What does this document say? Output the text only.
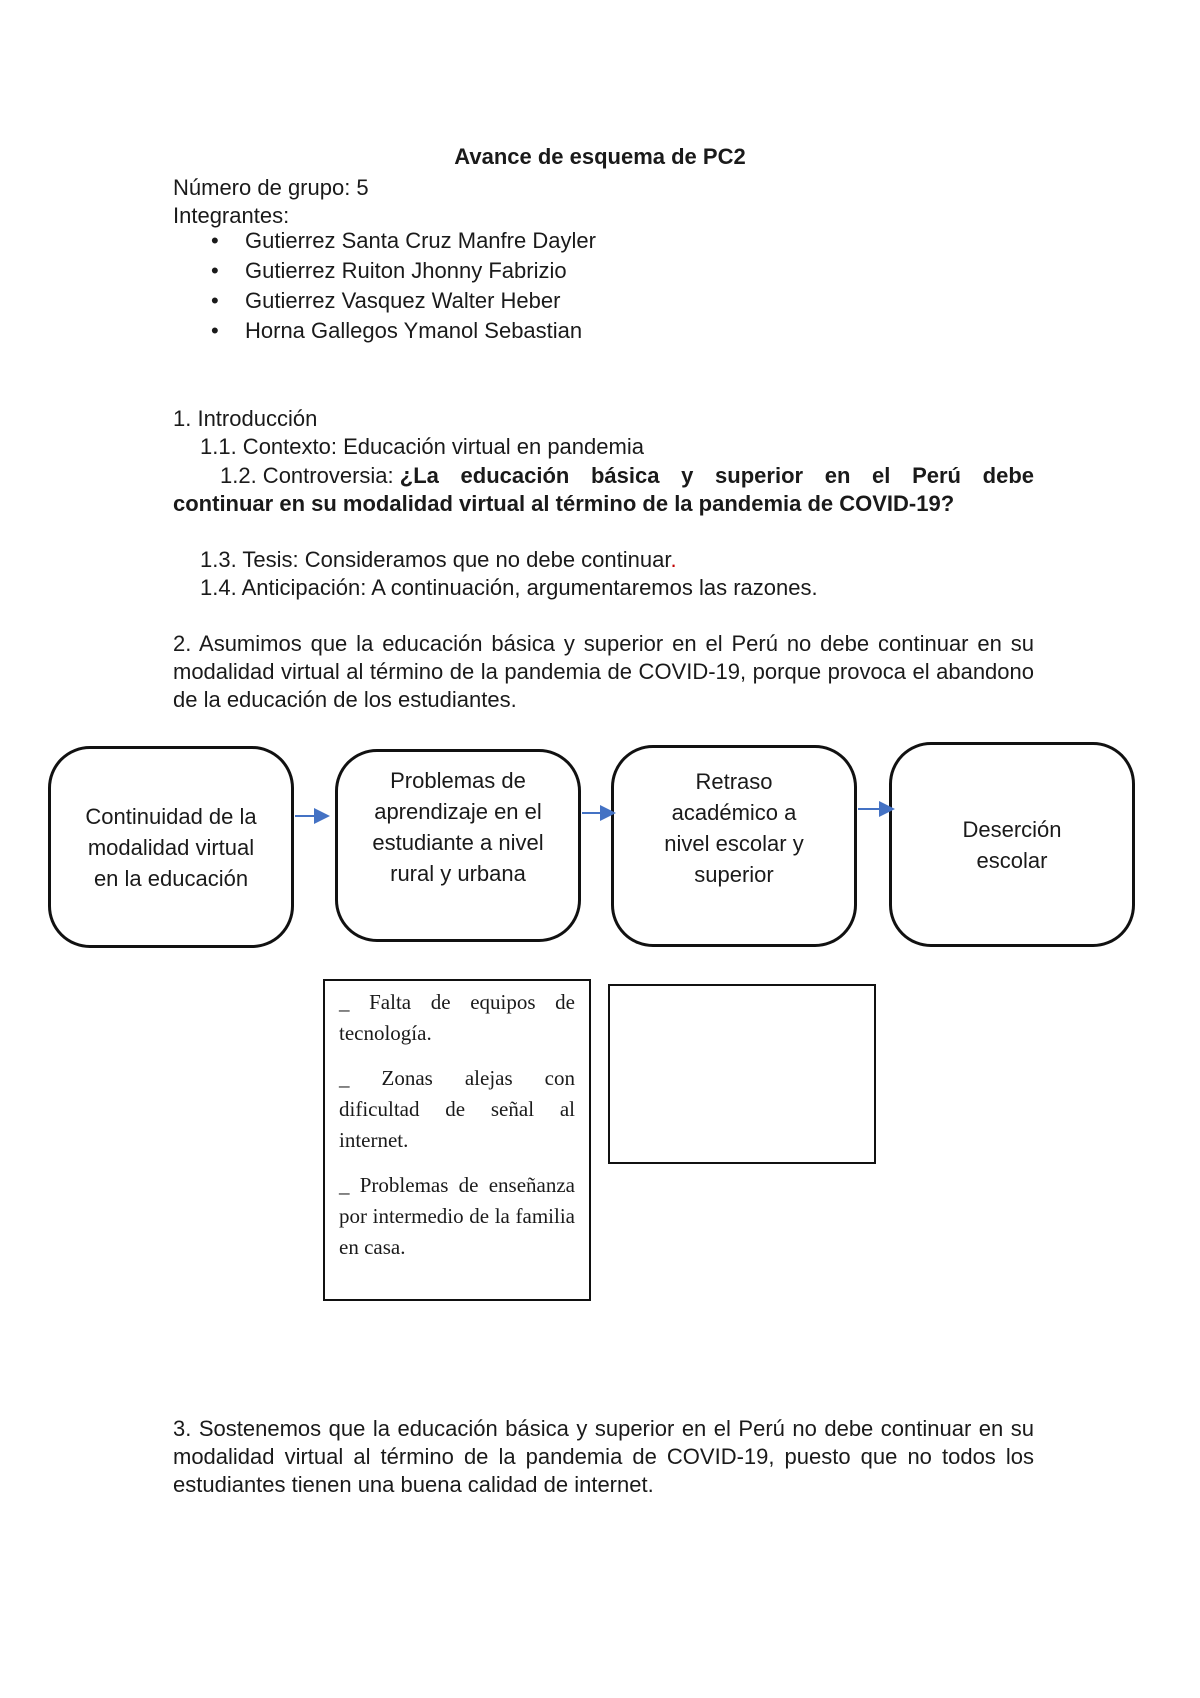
Avance de esquema de PC2
Número de grupo: 5
Integrantes:
• Gutierrez Santa Cruz Manfre Dayler
• Gutierrez Ruiton Jhonny Fabrizio
• Gutierrez Vasquez Walter Heber
• Horna Gallegos Ymanol Sebastian
1. Introducción
1.1. Contexto: Educación virtual en pandemia
1.2. Controversia: ¿La educación básica y superior en el Perú debe
continuar en su modalidad virtual al término de la pandemia de COVID-19?
1.3. Tesis: Consideramos que no debe continuar.
1.4. Anticipación: A continuación, argumentaremos las razones.
2. Asumimos que la educación básica y superior en el Perú no debe continuar en su modalidad virtual al término de la pandemia de COVID-19, porque provoca el abandono de la educación de los estudiantes.
Continuidad de la modalidad virtual en la educación
Problemas de aprendizaje en el estudiante a nivel rural y urbana
Retraso académico a nivel escolar y superior
Deserción escolar

_ Falta de equipos de tecnología.

_ Zonas alejas con dificultad de señal al internet.

_ Problemas de enseñanza por intermedio de la familia en casa.

3. Sostenemos que la educación básica y superior en el Perú no debe continuar en su modalidad virtual al término de la pandemia de COVID-19, puesto que no todos los estudiantes tienen una buena calidad de internet.
